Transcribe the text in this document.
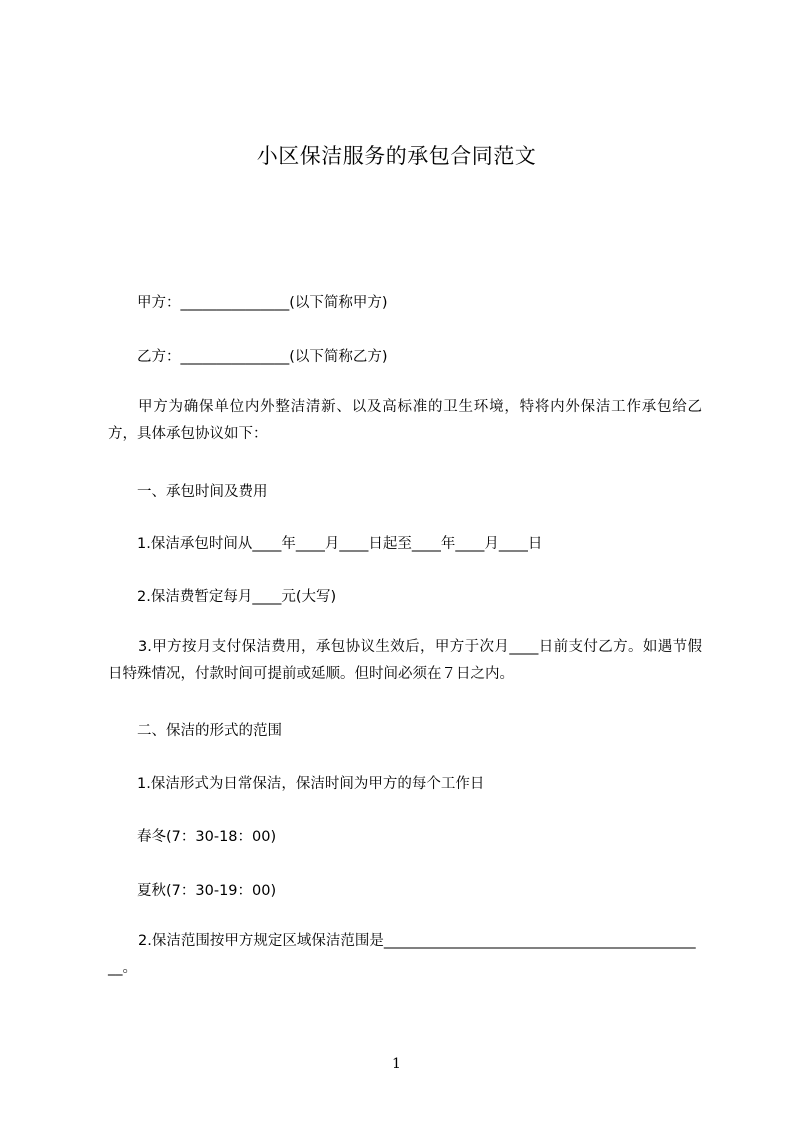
小区保洁服务的承包合同范文
甲方：_______________(以下简称甲方)
乙方：_______________(以下简称乙方)
甲方为确保单位内外整洁清新、以及高标准的卫生环境，特将内外保洁工作承包给乙方，具体承包协议如下：
一、承包时间及费用
1.保洁承包时间从____年____月____日起至____年____月____日
2.保洁费暂定每月____元(大写)
3.甲方按月支付保洁费用，承包协议生效后，甲方于次月____日前支付乙方。如遇节假日特殊情况，付款时间可提前或延顺。但时间必须在７日之内。
二、保洁的形式的范围
1.保洁形式为日常保洁，保洁时间为甲方的每个工作日
春冬(7：30-18：00)
夏秋(7：30-19：00)
2.保洁范围按甲方规定区域保洁范围是_____________________________________________。
1
